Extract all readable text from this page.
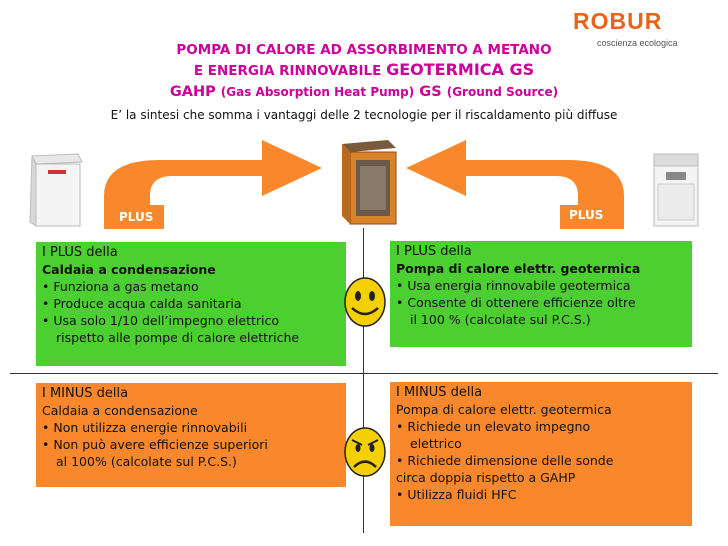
ROBUR
coscienza ecologica
POMPA DI CALORE AD ASSORBIMENTO A METANO
E ENERGIA RINNOVABILE GEOTERMICA GS
GAHP (Gas Absorption Heat Pump) GS (Ground Source)
E’ la sintesi che somma i vantaggi delle 2 tecnologie per il riscaldamento più diffuse
PLUS	PLUS
I PLUS della
Caldaia a condensazione
• Funziona a gas metano
• Produce acqua calda sanitaria
• Usa solo 1/10 dell’impegno elettrico
rispetto alle pompe di calore elettriche
I PLUS della
Pompa di calore elettr. geotermica
• Usa energia rinnovabile geotermica
• Consente di ottenere efficienze oltre
il 100 % (calcolate sul P.C.S.)
I MINUS della
Caldaia a condensazione
• Non utilizza energie rinnovabili
• Non può avere efficienze superiori
al 100% (calcolate sul P.C.S.)
I MINUS della
Pompa di calore elettr. geotermica
• Richiede un elevato impegno
elettrico
• Richiede dimensione delle sonde
circa doppia rispetto a GAHP
• Utilizza fluidi HFC
